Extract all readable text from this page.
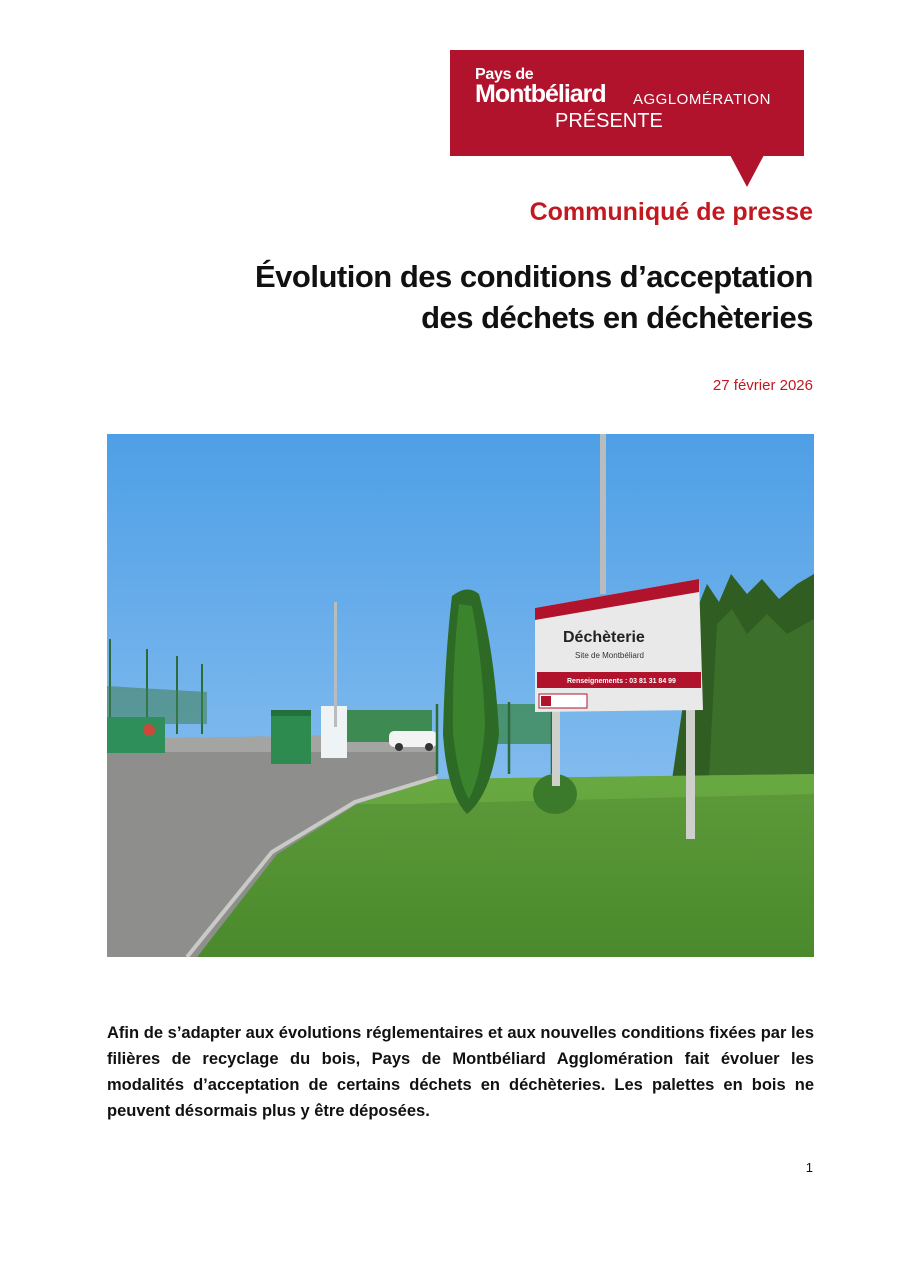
Pays de
Montbéliard AGGLOMÉRATION
PRÉSENTE
Communiqué de presse
Évolution des conditions d’acceptation
des déchets en déchèteries
27 février 2026
Déchèterie
Site de Montbéliard
Renseignements : 03 81 31 84 99
Afin de s’adapter aux évolutions réglementaires et aux nouvelles conditions fixées par les filières de recyclage du bois, Pays de Montbéliard Agglomération fait évoluer les modalités d’acceptation de certains déchets en déchèteries. Les palettes en bois ne peuvent désormais plus y être déposées.
1
